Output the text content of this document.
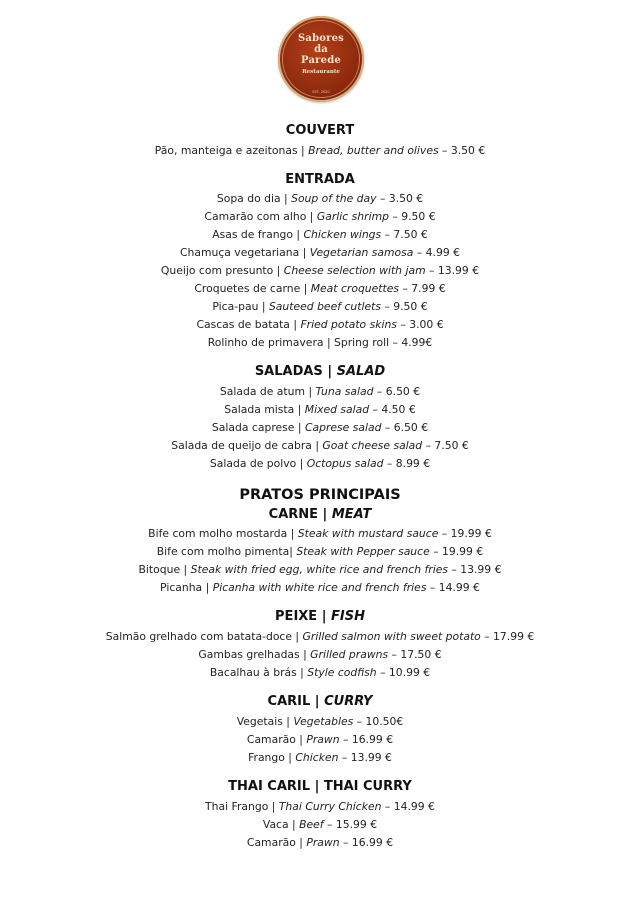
Sabores
da
Parede
Restaurante
EST. 2020
COUVERT
Pão, manteiga e azeitonas | Bread, butter and olives – 3.50 €
ENTRADA
Sopa do dia | Soup of the day – 3.50 €
Camarão com alho | Garlic shrimp – 9.50 €
Asas de frango | Chicken wings – 7.50 €
Chamuça vegetariana | Vegetarian samosa – 4.99 €
Queijo com presunto | Cheese selection with jam – 13.99 €
Croquetes de carne | Meat croquettes – 7.99 €
Pica-pau | Sauteed beef cutlets – 9.50 €
Cascas de batata | Fried potato skins – 3.00 €
Rolinho de primavera | Spring roll – 4.99€
SALADAS | SALAD
Salada de atum | Tuna salad – 6.50 €
Salada mista | Mixed salad – 4.50 €
Salada caprese | Caprese salad – 6.50 €
Salada de queijo de cabra | Goat cheese salad – 7.50 €
Salada de polvo | Octopus salad – 8.99 €
PRATOS PRINCIPAIS
CARNE | MEAT
Bife com molho mostarda | Steak with mustard sauce – 19.99 €
Bife com molho pimenta| Steak with Pepper sauce – 19.99 €
Bitoque | Steak with fried egg, white rice and french fries – 13.99 €
Picanha | Picanha with white rice and french fries – 14.99 €
PEIXE | FISH
Salmão grelhado com batata-doce | Grilled salmon with sweet potato – 17.99 €
Gambas grelhadas | Grilled prawns – 17.50 €
Bacalhau à brás | Style codfish – 10.99 €
CARIL | CURRY
Vegetais | Vegetables – 10.50€
Camarão | Prawn – 16.99 €
Frango | Chicken – 13.99 €
THAI CARIL | THAI CURRY
Thai Frango | Thai Curry Chicken – 14.99 €
Vaca | Beef – 15.99 €
Camarão | Prawn – 16.99 €
